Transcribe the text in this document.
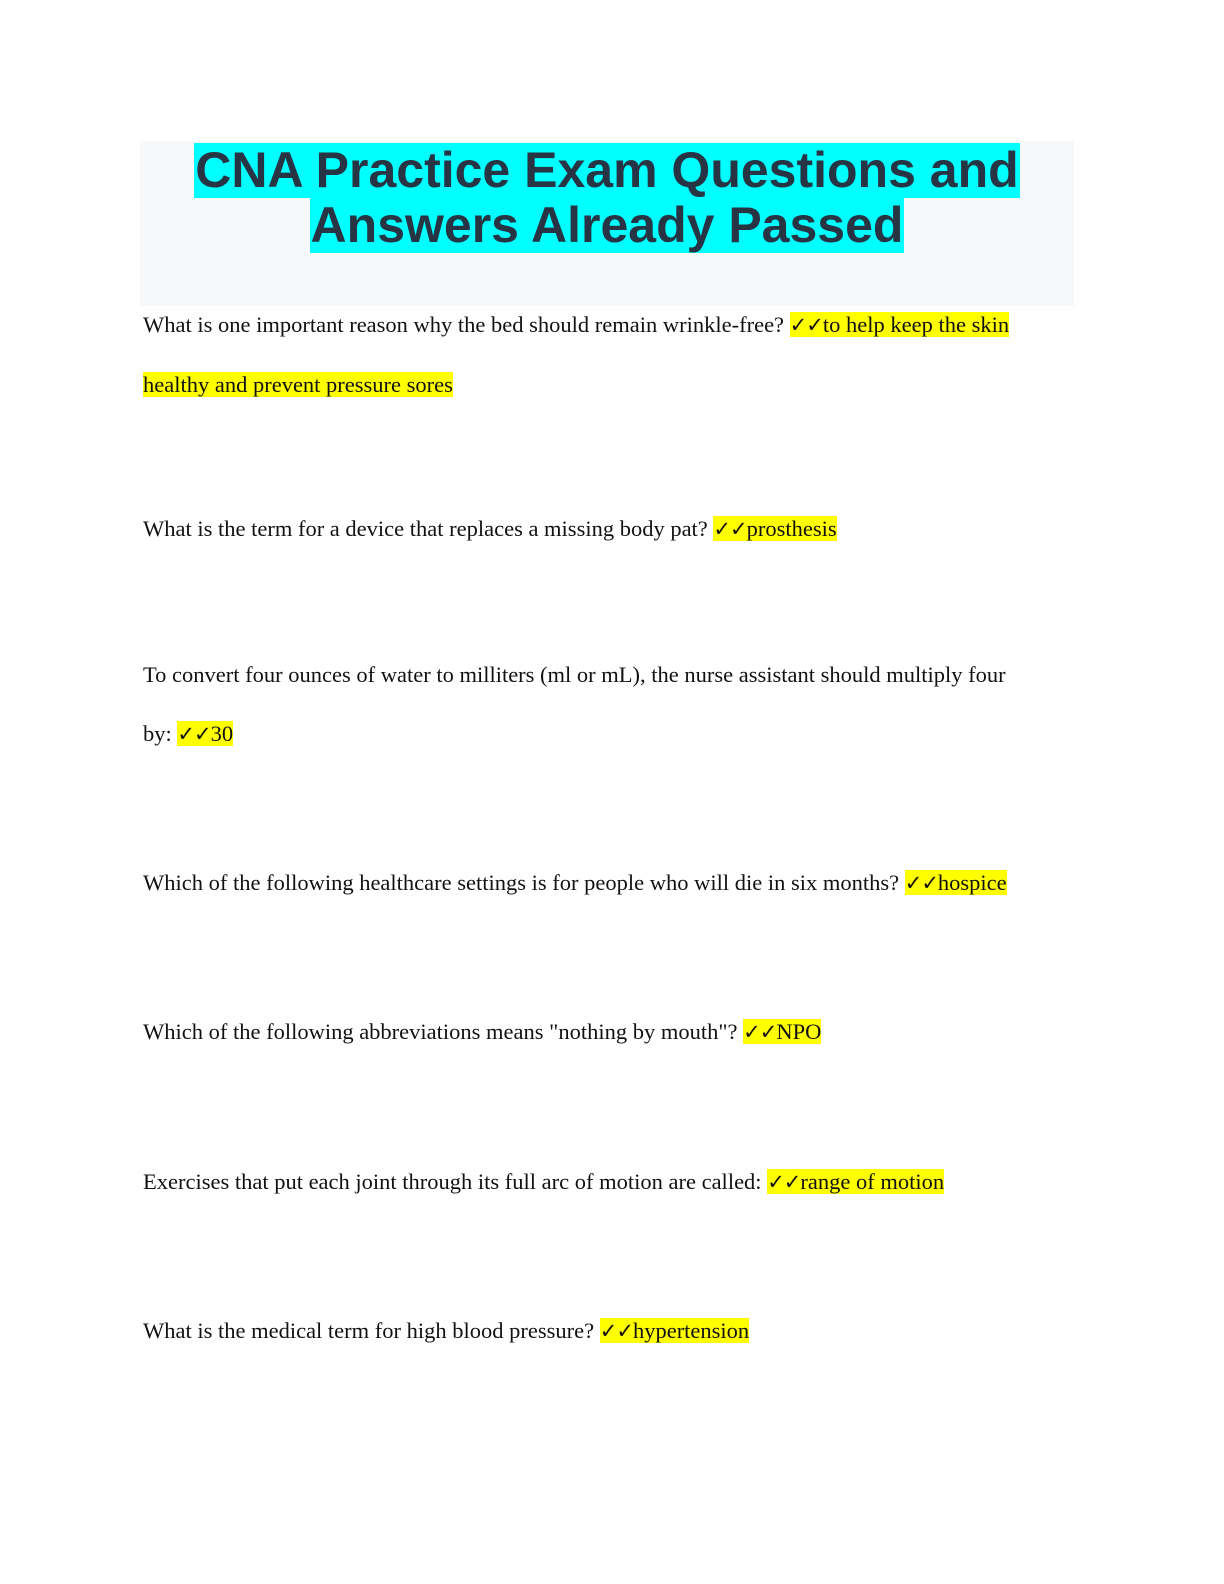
CNA Practice Exam Questions and
Answers Already Passed

What is one important reason why the bed should remain wrinkle-free? ✓✓to help keep the skin
healthy and prevent pressure sores

What is the term for a device that replaces a missing body pat? ✓✓prosthesis

To convert four ounces of water to milliters (ml or mL), the nurse assistant should multiply four
by: ✓✓30

Which of the following healthcare settings is for people who will die in six months? ✓✓hospice

Which of the following abbreviations means "nothing by mouth"? ✓✓NPO

Exercises that put each joint through its full arc of motion are called: ✓✓range of motion

What is the medical term for high blood pressure? ✓✓hypertension
